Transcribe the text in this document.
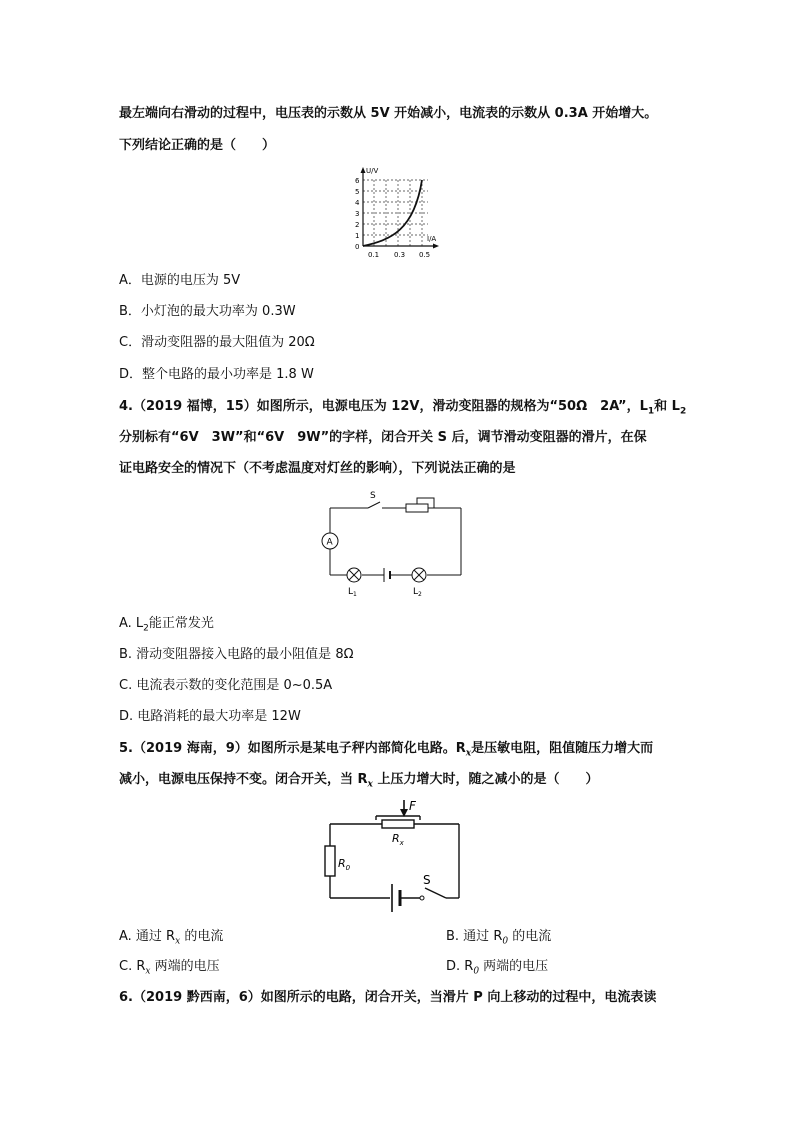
最左端向右滑动的过程中，电压表的示数从 5V 开始减小，电流表的示数从 0.3A 开始增大。
下列结论正确的是（　　）
U/V
I/A
0
1
2
3
4
5
6
0.1 0.3 0.5
A．电源的电压为 5V
B．小灯泡的最大功率为 0.3W
C．滑动变阻器的最大阻值为 20Ω
D．整个电路的最小功率是 1.8 W
4.（2019 福博，15）如图所示，电源电压为 12V，滑动变阻器的规格为“50Ω　2A”，$L_1$和 $L_2$
分别标有“6V　3W”和“6V　9W”的字样，闭合开关 S 后，调节滑动变阻器的滑片，在保
证电路安全的情况下（不考虑温度对灯丝的影响），下列说法正确的是
S
A
$L_1$	$L_2$
A. $L_2$能正常发光
B. 滑动变阻器接入电路的最小阻值是 8Ω
C. 电流表示数的变化范围是 0~0.5A
D. 电路消耗的最大功率是 12W
5.（2019 海南，9）如图所示是某电子秤内部简化电路。$R_x$是压敏电阻，阻值随压力增大而
减小，电源电压保持不变。闭合开关，当 $R_x$ 上压力增大时，随之减小的是（　　）
F
$R_x$
$R_0$
S
A. 通过 $R_x$ 的电流	B. 通过 $R_0$ 的电流
C. $R_x$ 两端的电压	D. $R_0$ 两端的电压
6.（2019 黔西南，6）如图所示的电路，闭合开关，当滑片 P 向上移动的过程中，电流表读
